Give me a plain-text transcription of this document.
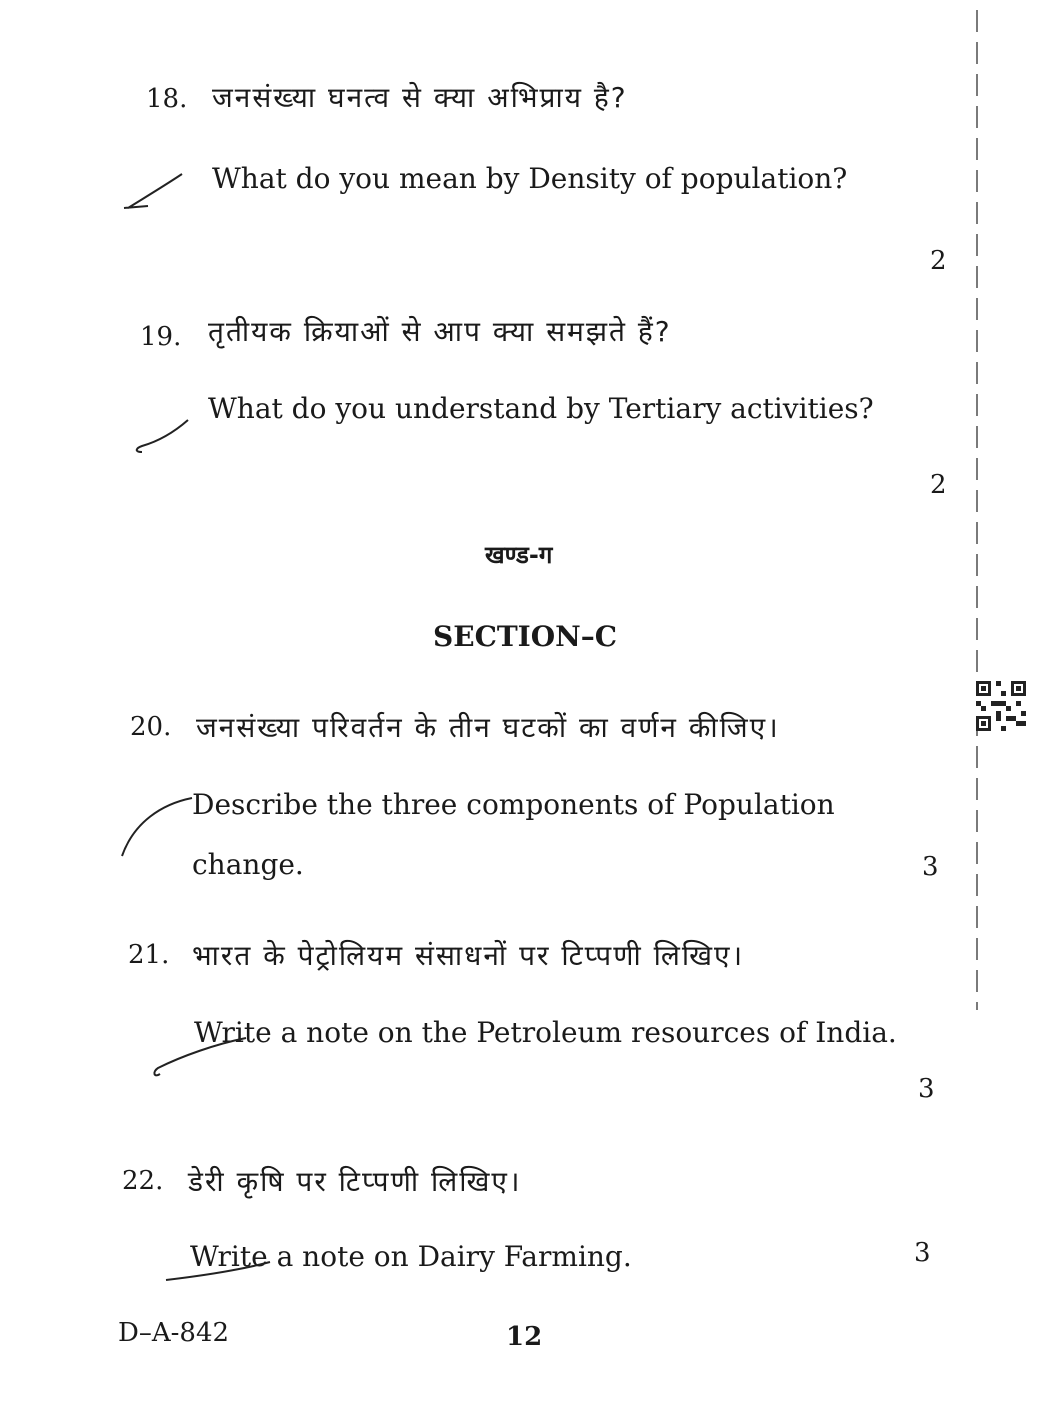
18. जनसंख्या घनत्व से क्या अभिप्राय है?
What do you mean by Density of population?
2
19. तृतीयक क्रियाओं से आप क्या समझते हैं?
What do you understand by Tertiary activities?
2
खण्ड-ग
SECTION–C
20. जनसंख्या परिवर्तन के तीन घटकों का वर्णन कीजिए।
Describe the three components of Population
change.	3
21. भारत के पेट्रोलियम संसाधनों पर टिप्पणी लिखिए।
Write a note on the Petroleum resources of India.
3
22. डेरी कृषि पर टिप्पणी लिखिए।
Write a note on Dairy Farming.	3
D–A-842	12
